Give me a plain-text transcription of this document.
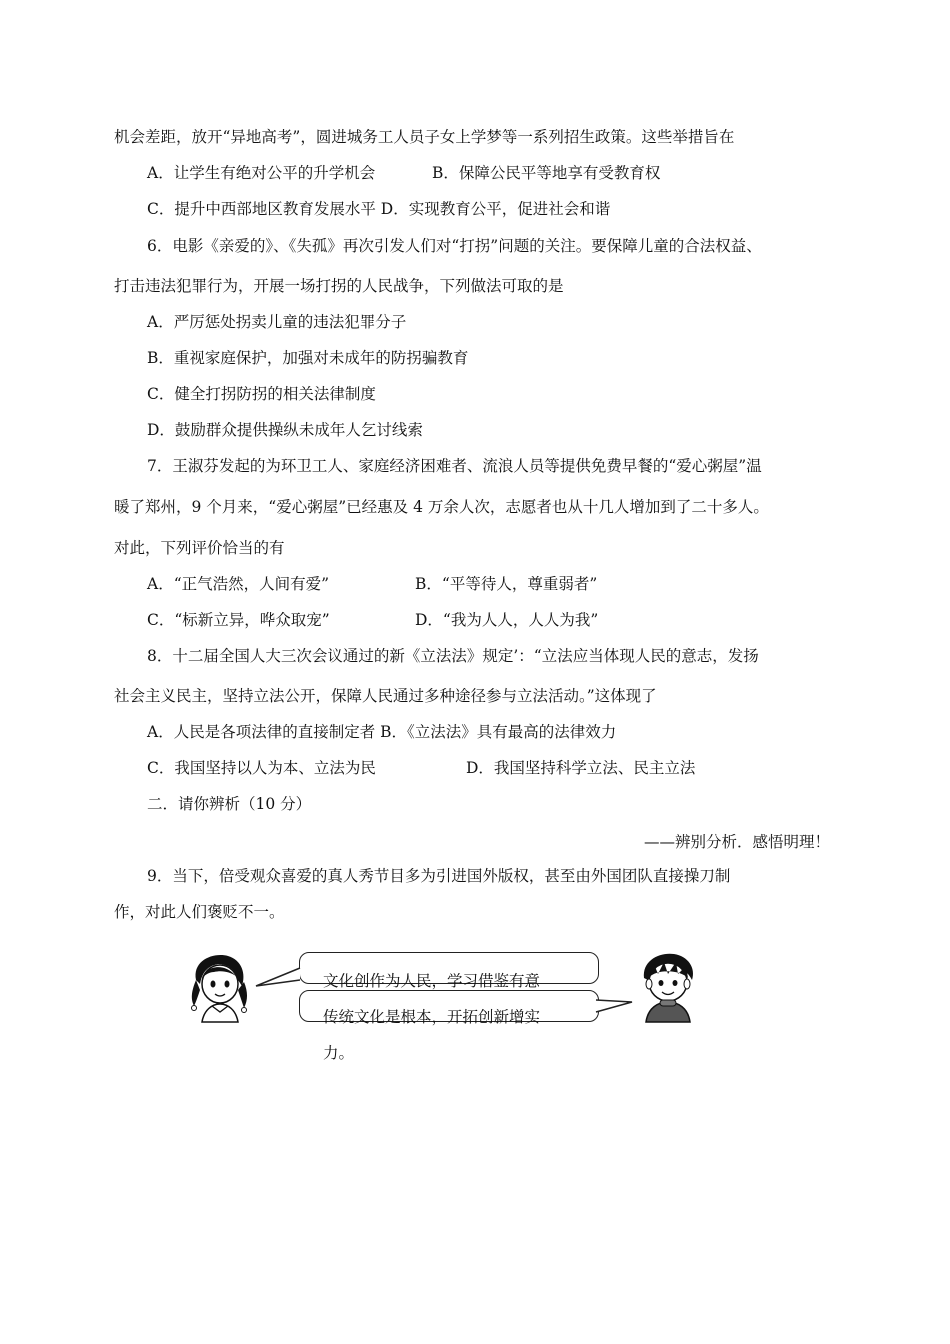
机会差距，放开“异地高考”，圆进城务工人员子女上学梦等一系列招生政策。这些举措旨在
A．让学生有绝对公平的升学机会	B．保障公民平等地享有受教育权
C．提升中西部地区教育发展水平 D．实现教育公平，促进社会和谐
6．电影《亲爱的》、《失孤》再次引发人们对“打拐”问题的关注。要保障儿童的合法权益、
打击违法犯罪行为，开展一场打拐的人民战争，下列做法可取的是
A．严厉惩处拐卖儿童的违法犯罪分子
B．重视家庭保护，加强对未成年的防拐骗教育
C．健全打拐防拐的相关法律制度
D．鼓励群众提供操纵未成年人乞讨线索
7．王淑芬发起的为环卫工人、家庭经济困难者、流浪人员等提供免费早餐的“爱心粥屋”温
暖了郑州，9 个月来，“爱心粥屋”已经惠及 4 万余人次，志愿者也从十几人增加到了二十多人。
对此，下列评价恰当的有
A．“正气浩然，人间有爱”	B．“平等待人，尊重弱者”
C．“标新立异，哗众取宠”	D．“我为人人，人人为我”
8．十二届全国人大三次会议通过的新《立法法》规定’：“立法应当体现人民的意志，发扬
社会主义民主，坚持立法公开，保障人民通过多种途径参与立法活动。”这体现了
A．人民是各项法律的直接制定者 B．《立法法》具有最高的法律效力
C．我国坚持以人为本、立法为民	D．我国坚持科学立法、民主立法
二．请你辨析（10 分）
——辨别分析．感悟明理！
9．当下，倍受观众喜爱的真人秀节目多为引进国外版权，甚至由外国团队直接操刀制
作，对此人们褒贬不一。
文化创作为人民，学习借鉴有意
传统文化是根本，开拓创新增实
力。
